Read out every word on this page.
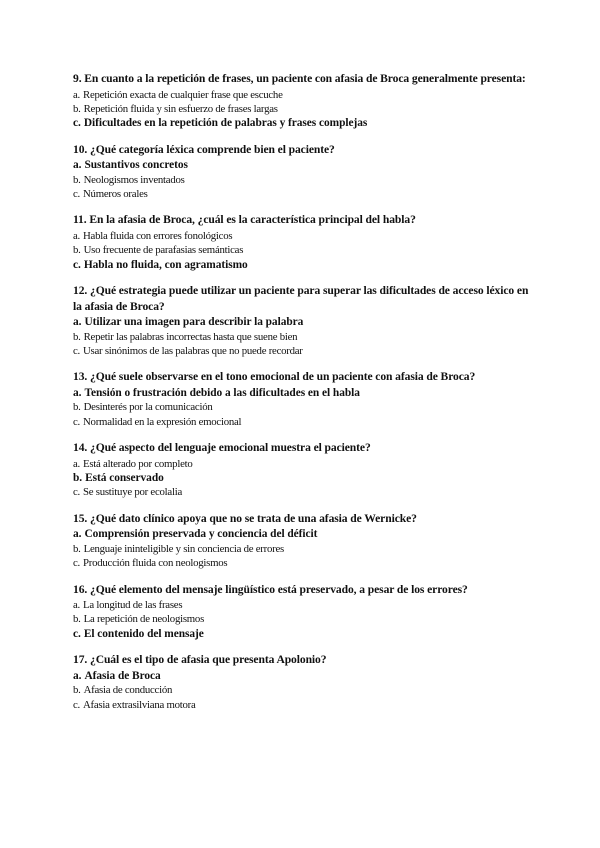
9. En cuanto a la repetición de frases, un paciente con afasia de Broca generalmente presenta:
a. Repetición exacta de cualquier frase que escuche
b. Repetición fluida y sin esfuerzo de frases largas
c. Dificultades en la repetición de palabras y frases complejas
10. ¿Qué categoría léxica comprende bien el paciente?
a. Sustantivos concretos
b. Neologismos inventados
c. Números orales
11. En la afasia de Broca, ¿cuál es la característica principal del habla?
a. Habla fluida con errores fonológicos
b. Uso frecuente de parafasias semánticas
c. Habla no fluida, con agramatismo
12. ¿Qué estrategia puede utilizar un paciente para superar las dificultades de acceso léxico en la afasia de Broca?
a. Utilizar una imagen para describir la palabra
b. Repetir las palabras incorrectas hasta que suene bien
c. Usar sinónimos de las palabras que no puede recordar
13. ¿Qué suele observarse en el tono emocional de un paciente con afasia de Broca?
a. Tensión o frustración debido a las dificultades en el habla
b. Desinterés por la comunicación
c. Normalidad en la expresión emocional
14. ¿Qué aspecto del lenguaje emocional muestra el paciente?
a. Está alterado por completo
b. Está conservado
c. Se sustituye por ecolalia
15. ¿Qué dato clínico apoya que no se trata de una afasia de Wernicke?
a. Comprensión preservada y conciencia del déficit
b. Lenguaje ininteligible y sin conciencia de errores
c. Producción fluida con neologismos
16. ¿Qué elemento del mensaje lingüístico está preservado, a pesar de los errores?
a. La longitud de las frases
b. La repetición de neologismos
c. El contenido del mensaje
17. ¿Cuál es el tipo de afasia que presenta Apolonio?
a. Afasia de Broca
b. Afasia de conducción
c. Afasia extrasilviana motora
